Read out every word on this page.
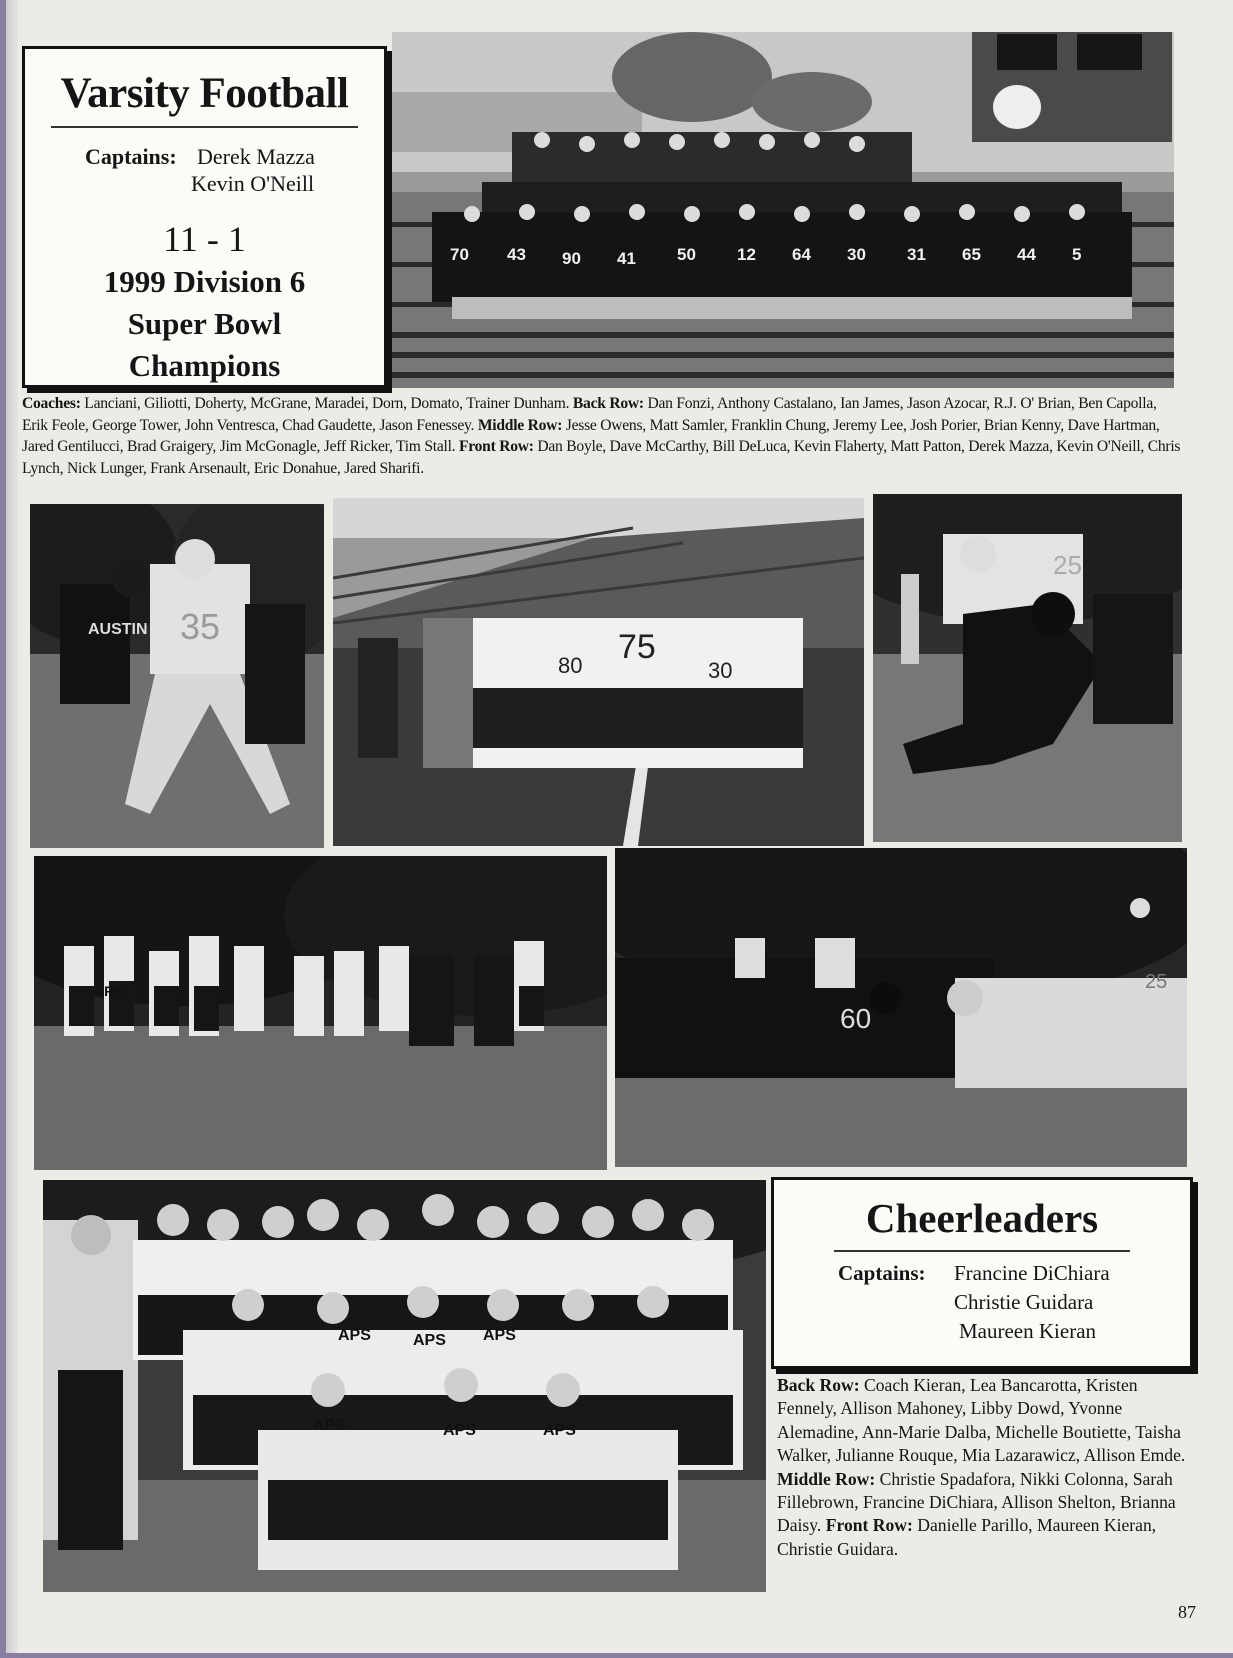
70 43 90 41 50 12 64 30 31 65 44 5
Varsity Football
Captains: Derek Mazza
Kevin O'Neill
11 - 1
1999 Division 6
Super Bowl
Champions
Coaches: Lanciani, Giliotti, Doherty, McGrane, Maradei, Dorn, Domato, Trainer Dunham. Back Row: Dan Fonzi, Anthony Castalano, Ian James, Jason Azocar, R.J. O' Brian, Ben Capolla, Erik Feole, George Tower, John Ventresca, Chad Gaudette, Jason Fenessey. Middle Row: Jesse Owens, Matt Samler, Franklin Chung, Jeremy Lee, Josh Porier, Brian Kenny, Dave Hartman, Jared Gentilucci, Brad Graigery, Jim McGonagle, Jeff Ricker, Tim Stall. Front Row: Dan Boyle, Dave McCarthy, Bill DeLuca, Kevin Flaherty, Matt Patton, Derek Mazza, Kevin O'Neill, Chris Lynch, Nick Lunger, Frank Arsenault, Eric Donahue, Jared Sharifi.
35
AUSTIN	75
80	30
25
APS
60
25
APS	APS	APS
APS	APS APS
Cheerleaders
Captains: Francine DiChiara
Christie Guidara
Maureen Kieran
Back Row: Coach Kieran, Lea Bancarotta, Kristen Fennely, Allison Mahoney, Libby Dowd, Yvonne Alemadine, Ann-Marie Dalba, Michelle Boutiette, Taisha Walker, Julianne Rouque, Mia Lazarawicz, Allison Emde. Middle Row: Christie Spadafora, Nikki Colonna, Sarah Fillebrown, Francine DiChiara, Allison Shelton, Brianna Daisy. Front Row: Danielle Parillo, Maureen Kieran, Christie Guidara.
87
